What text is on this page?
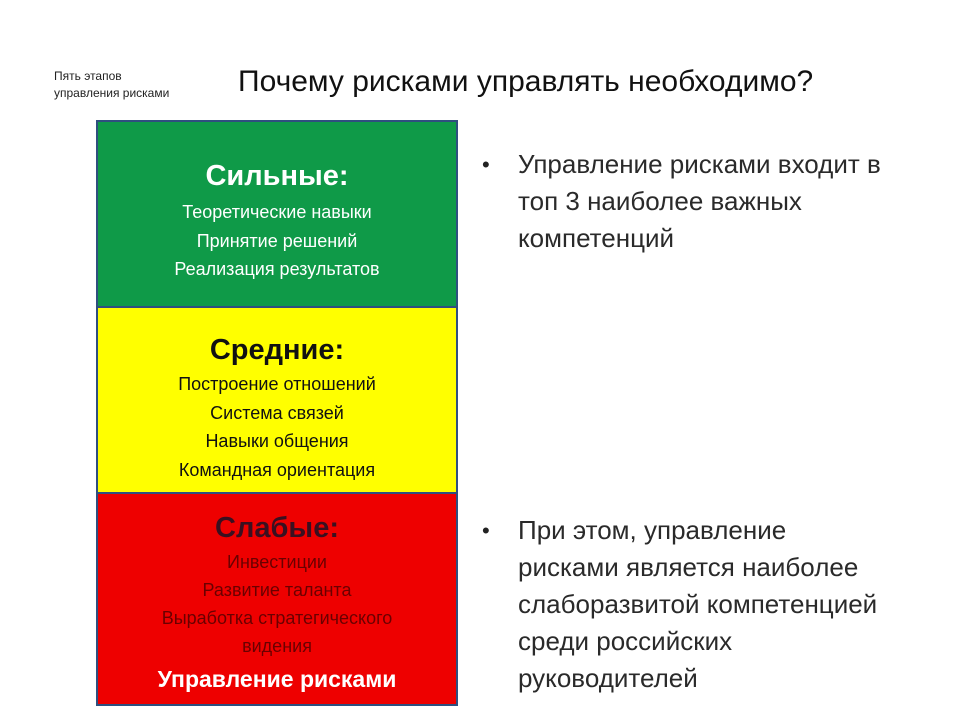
Пять этапов
управления рисками Почему рисками управлять необходимо?
Сильные:
Теоретические навыки
Принятие решений
Реализация результатов
Средние:
Построение отношений
Система связей
Навыки общения
Командная ориентация
Слабые:
Инвестиции
Развитие таланта
Выработка стратегического
видения
Управление рисками
•	Управление рисками входит в топ 3 наиболее важных компетенций
•	При этом, управление рисками является наиболее слаборазвитой компетенцией среди российских руководителей
